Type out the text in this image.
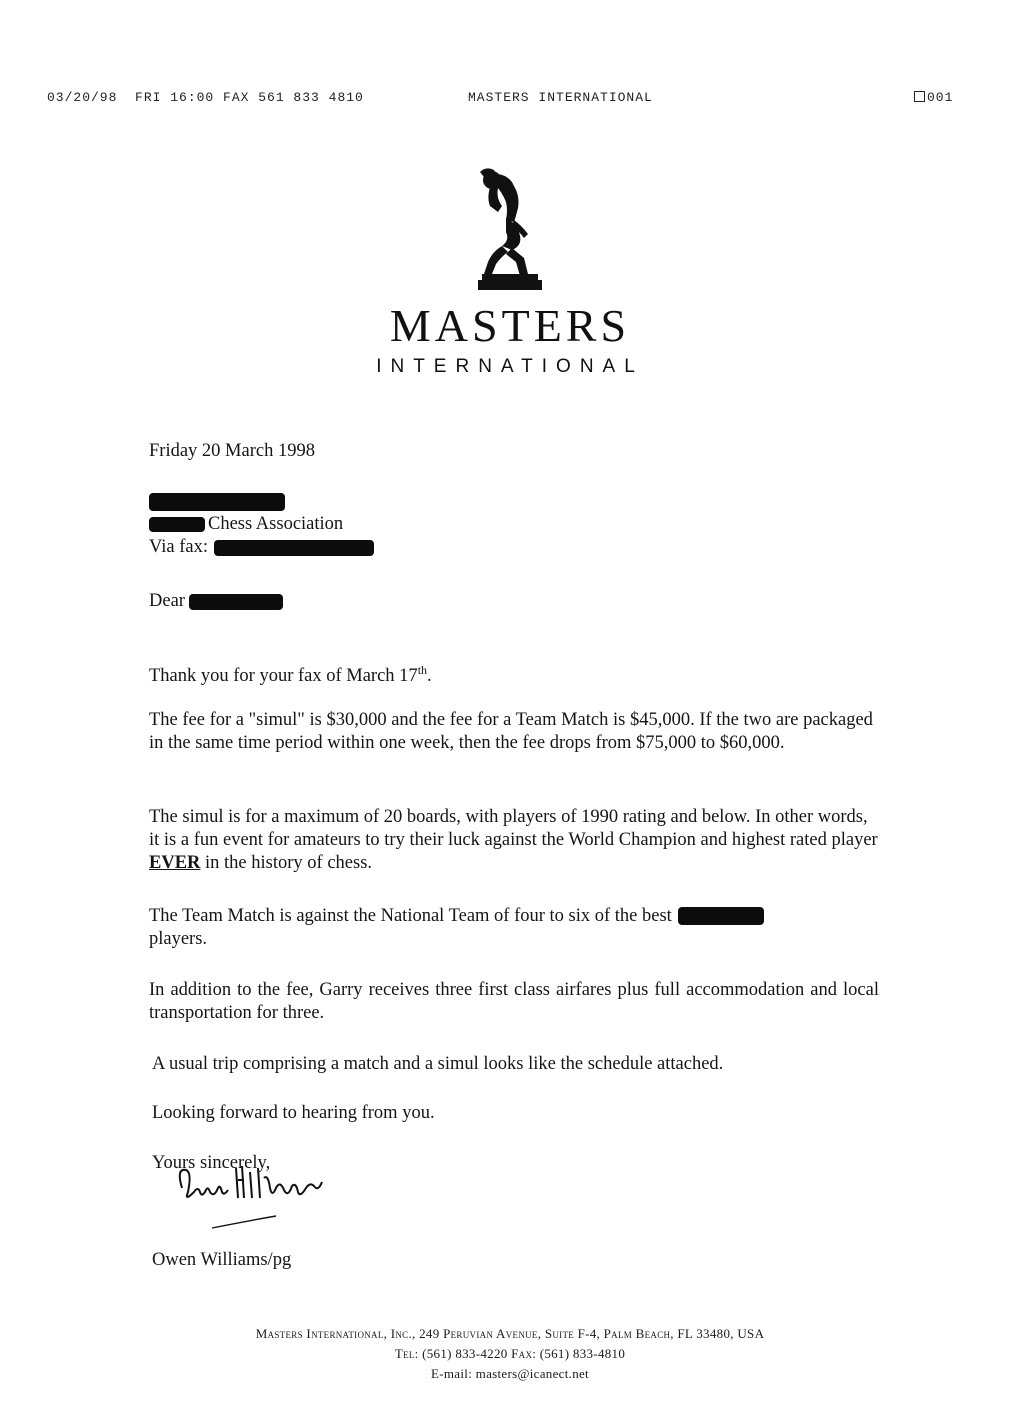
03/20/98  FRI 16:00 FAX 561 833 4810	MASTERS INTERNATIONAL	001
MASTERS
INTERNATIONAL
Friday 20 March 1998

Chess Association

Via fax:

Dear

Thank you for your fax of March 17th.

The fee for a "simul" is $30,000 and the fee for a Team Match is $45,000. If the two are packaged in the same time period within one week, then the fee drops from $75,000 to $60,000.

The simul is for a maximum of 20 boards, with players of 1990 rating and below. In other words, it is a fun event for amateurs to try their luck against the World Champion and highest rated player EVER in the history of chess.

The Team Match is against the National Team of four to six of the best
players.

In addition to the fee, Garry receives three first class airfares plus full accommodation and local transportation for three.

A usual trip comprising a match and a simul looks like the schedule attached.

Looking forward to hearing from you.

Yours sincerely,

Owen Williams/pg

Masters International, Inc., 249 Peruvian Avenue, Suite F-4, Palm Beach, FL 33480, USA
Tel: (561) 833-4220 Fax: (561) 833-4810
E-mail: masters@icanect.net
